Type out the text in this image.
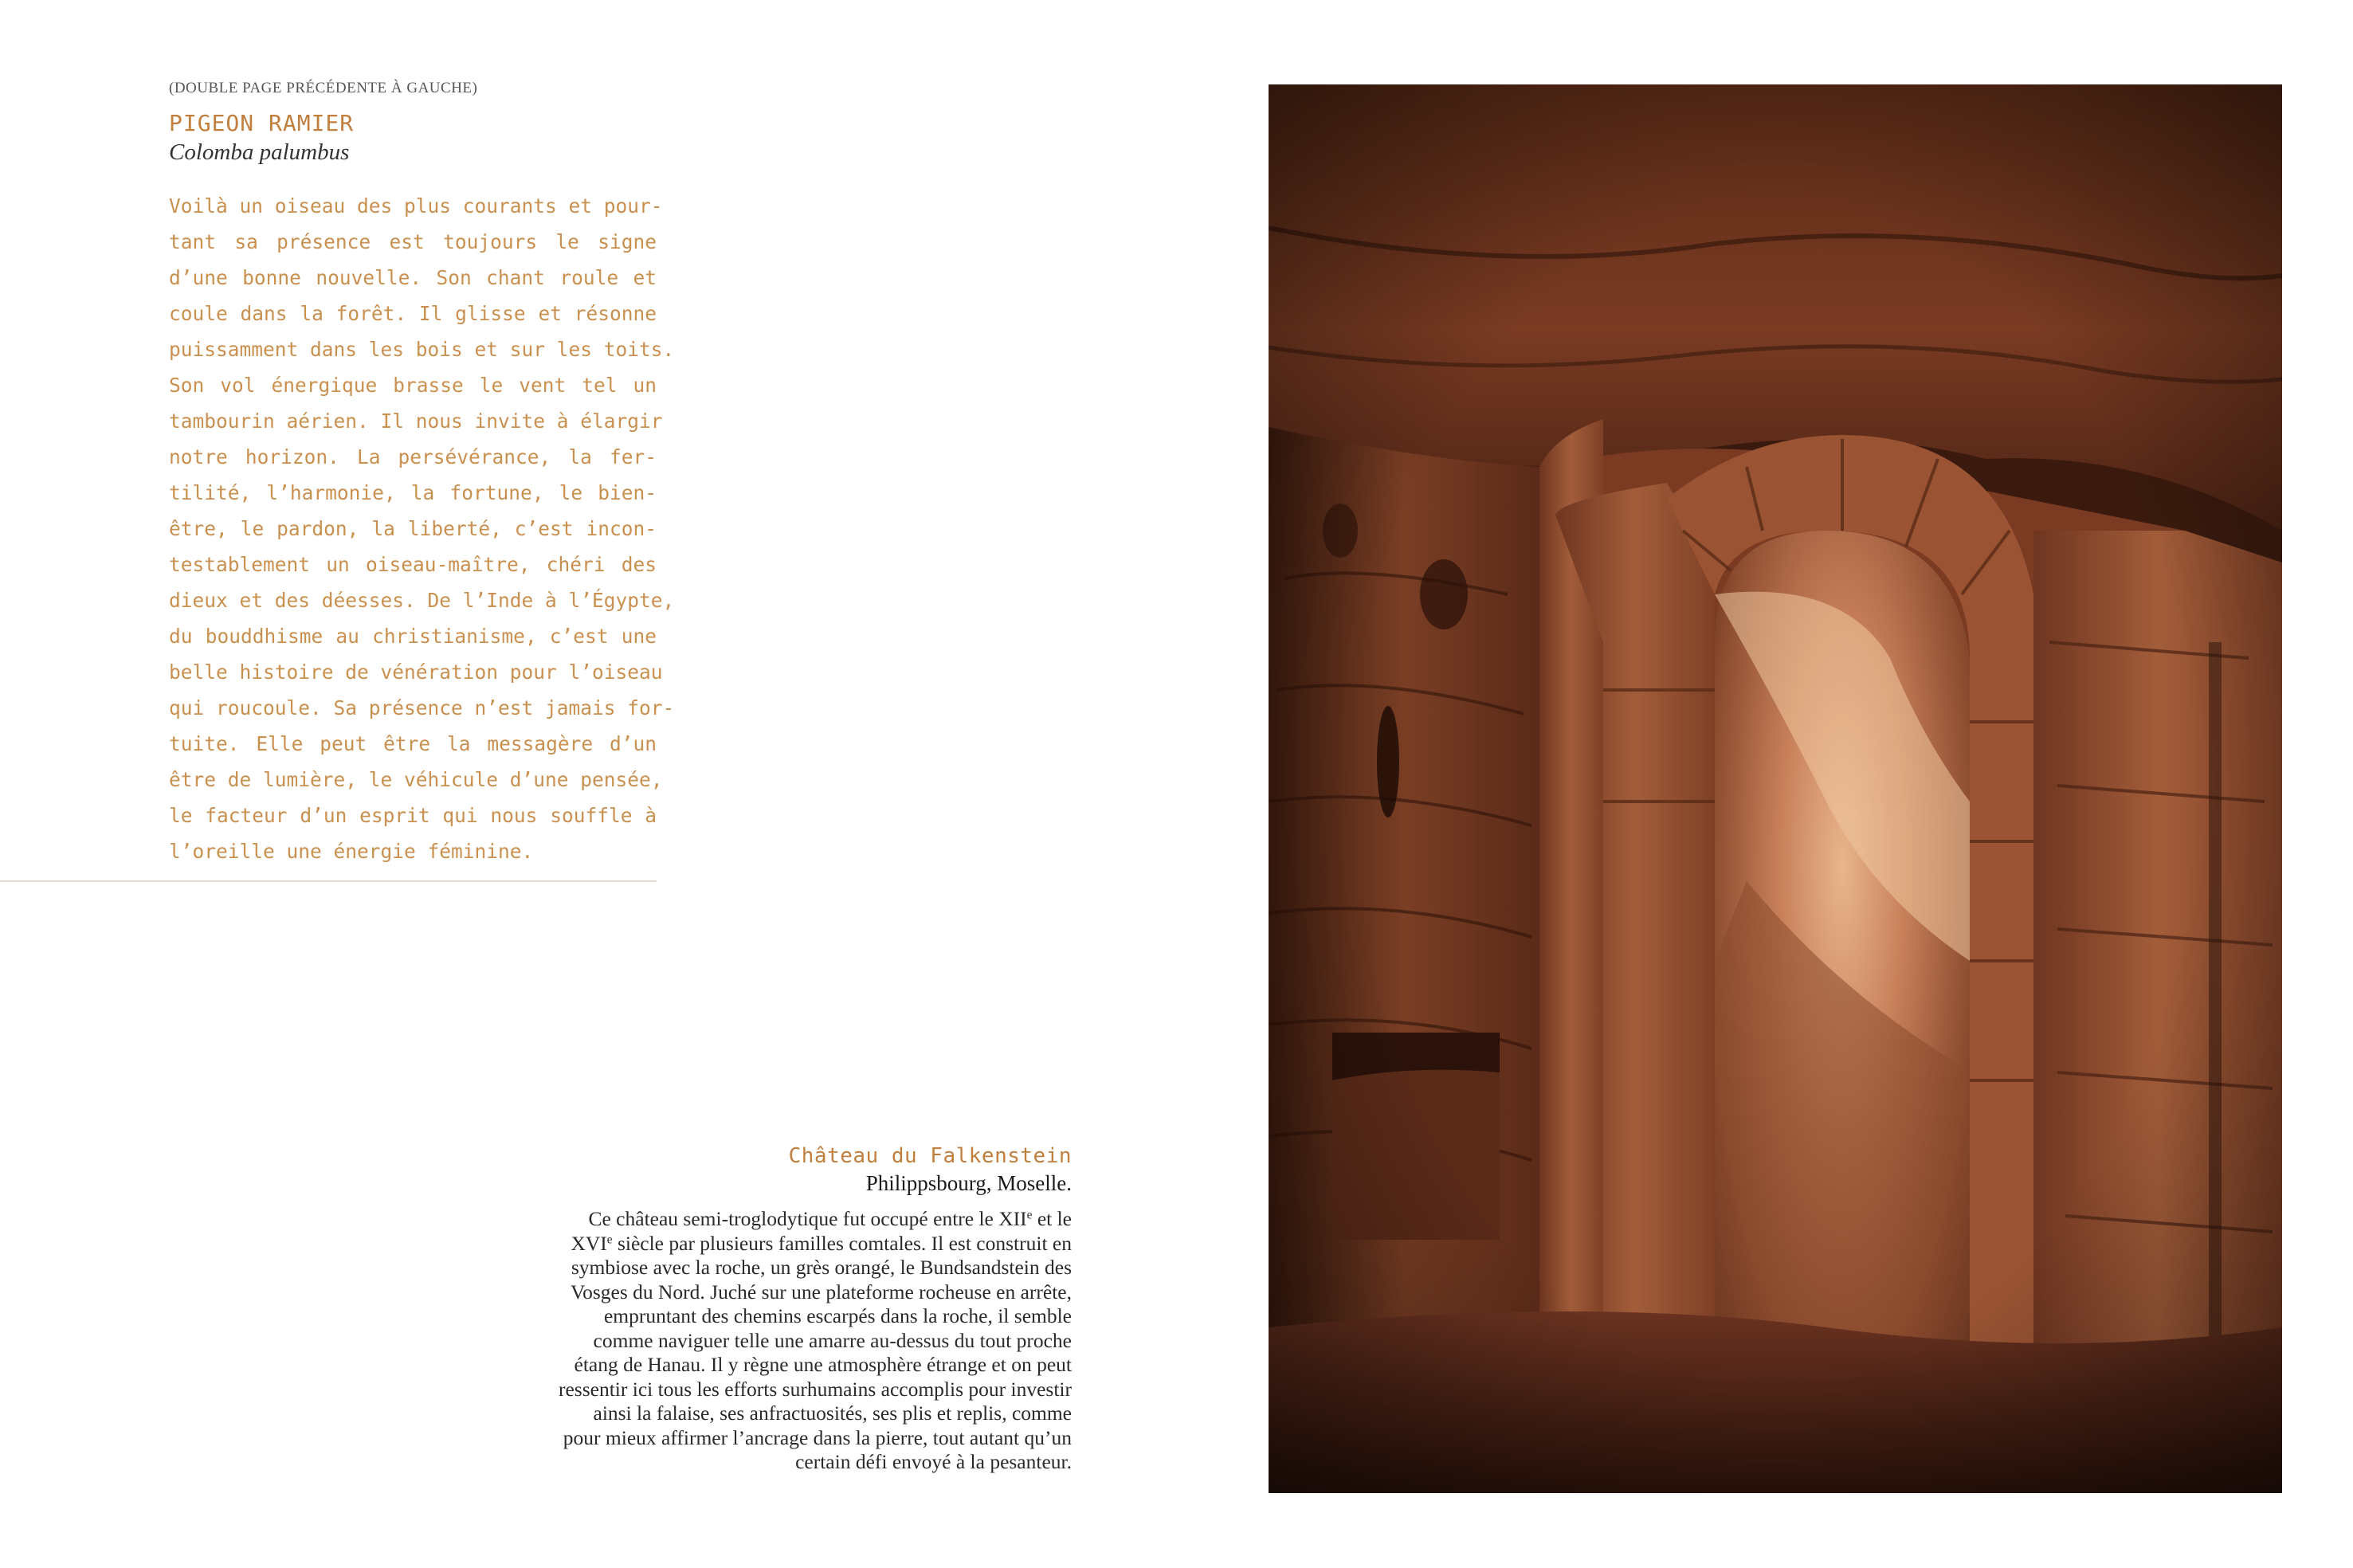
(DOUBLE PAGE PRÉCÉDENTE À GAUCHE)
PIGEON RAMIER
Colomba palumbus
Voilà un oiseau des plus courants et pour-
tant sa présence est toujours le signe
d’une bonne nouvelle. Son chant roule et
coule dans la forêt. Il glisse et résonne
puissamment dans les bois et sur les toits.
Son vol énergique brasse le vent tel un
tambourin aérien. Il nous invite à élargir
notre horizon. La persévérance, la fer-
tilité, l’harmonie, la fortune, le bien-
être, le pardon, la liberté, c’est incon-
testablement un oiseau-maître, chéri des
dieux et des déesses. De l’Inde à l’Égypte,
du bouddhisme au christianisme, c’est une
belle histoire de vénération pour l’oiseau
qui roucoule. Sa présence n’est jamais for-
tuite. Elle peut être la messagère d’un
être de lumière, le véhicule d’une pensée,
le facteur d’un esprit qui nous souffle à
l’oreille une énergie féminine.
Château du Falkenstein
Philippsbourg, Moselle.
Ce château semi-troglodytique fut occupé entre le XIIe et le
XVIe siècle par plusieurs familles comtales. Il est construit en
symbiose avec la roche, un grès orangé, le Bundsandstein des
Vosges du Nord. Juché sur une plateforme rocheuse en arrête,
empruntant des chemins escarpés dans la roche, il semble
comme naviguer telle une amarre au-dessus du tout proche
étang de Hanau. Il y règne une atmosphère étrange et on peut
ressentir ici tous les efforts surhumains accomplis pour investir
ainsi la falaise, ses anfractuosités, ses plis et replis, comme
pour mieux affirmer l’ancrage dans la pierre, tout autant qu’un
certain défi envoyé à la pesanteur.
